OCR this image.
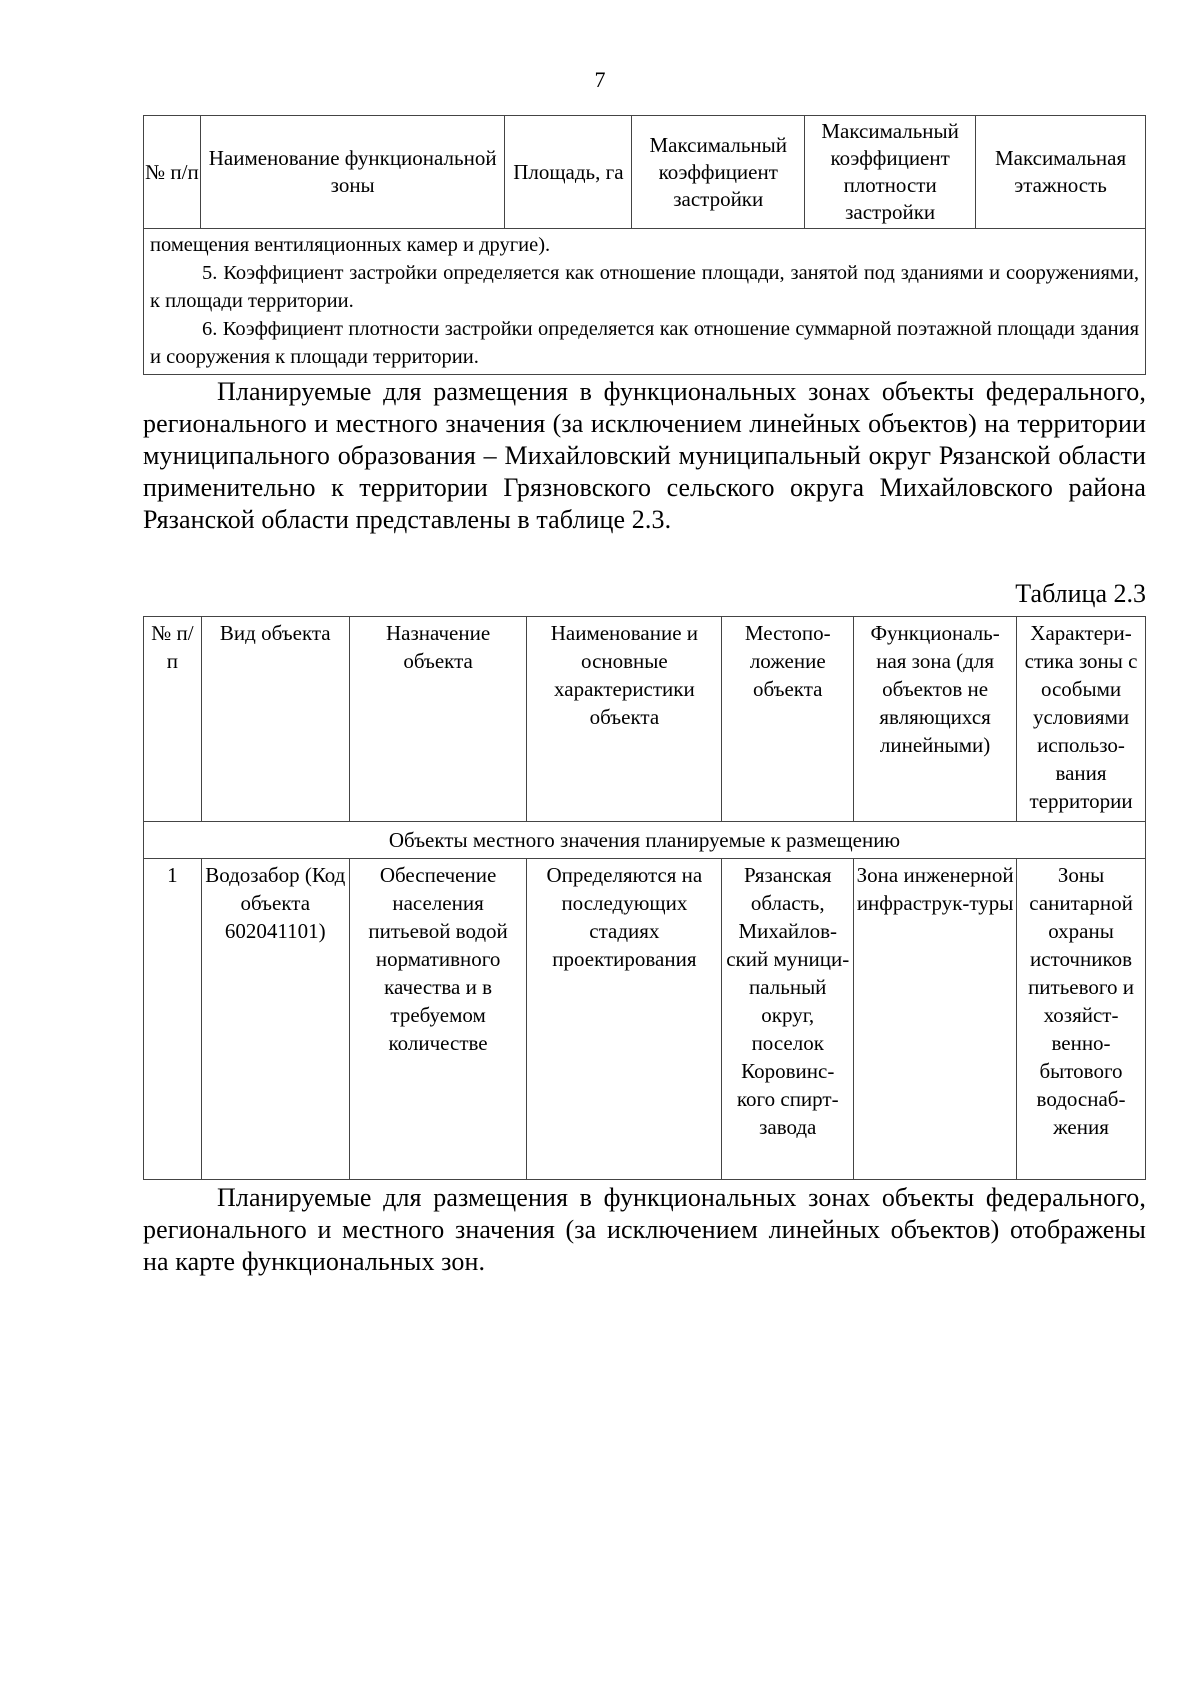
7
№ п/п	Наименование функциональной зоны	Площадь, га	Максимальный коэффициент застройки	Максимальный коэффициент плотности застройки	Максимальная этажность

помещения вентиляционных камер и другие).

5. Коэффициент застройки определяется как отношение площади, занятой под зданиями и сооружениями, к площади территории.

6. Коэффициент плотности застройки определяется как отношение суммарной поэтажной площади здания и сооружения к площади территории.

Планируемые для размещения в функциональных зонах объекты федерального, регионального и местного значения (за исключением линейных объектов) на территории муниципального образования – Михайловский муниципальный округ Рязанской области применительно к территории Грязновского сельского округа Михайловского района Рязанской области представлены в таблице 2.3.

Таблица 2.3
№ п/п	Вид объекта	Назначение объекта	Наименование и основные характеристики объекта	Местопо-ложение объекта	Функциональ-ная зона (для объектов не являющихся линейными)	Характери-стика зоны с особыми условиями использо-вания территории
Объекты местного значения планируемые к размещению						
1	Водозабор (Код объекта 602041101)	Обеспечение населения питьевой водой нормативного качества и в требуемом количестве	Определяются на последующих стадиях проектирования	Рязанская область, Михайлов-ский муници-пальный округ, поселок Коровинс-кого спирт-завода	Зона инженерной инфраструк-туры	Зоны санитарной охраны источников питьевого и хозяйст-венно-бытового водоснаб-жения

Планируемые для размещения в функциональных зонах объекты федерального, регионального и местного значения (за исключением линейных объектов) отображены на карте функциональных зон.
